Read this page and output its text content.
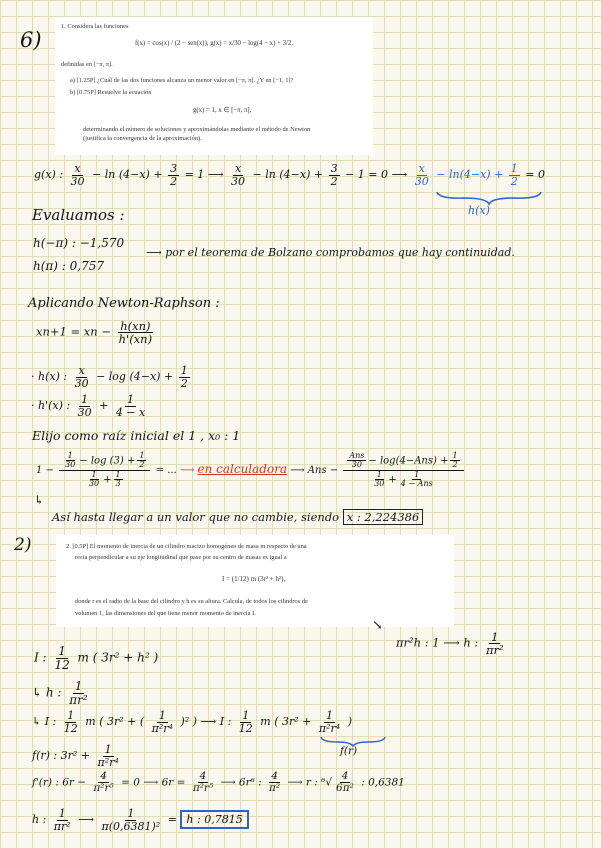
6)
1. Considera las funciones
f(x) = cos(x) / (2 − sen(x)), g(x) = x/30 − log(4 − x) + 3/2,
definidas en [−π, π].
a) [1.25P] ¿Cuál de las dos funciones alcanza un menor valor en [−π, π]. ¿Y en [−1, 1]?
b) [0.75P] Resuelve la ecuación
g(x) = 1, x ∈ [−π, π],
determinando el número de soluciones y aproximándolas mediante el método de Newton
(justifica la convergencia de la aproximación).
g(x) : $\frac{x}{30} - \ln (4-x) + \frac{3}{2} = 1$ ⟶ $\frac{x}{30} - \ln (4-x) + \frac{3}{2} - 1 = 0$ ⟶ $\frac{x}{30} - \ln(4-x) + \frac{1}{2} = 0$
h(x)
Evaluamos :
h(−π) : −1,570
h(π) : 0,757
⟶ por el teorema de Bolzano comprobamos que hay continuidad.
Aplicando Newton-Raphson :
xn+1 = xn − $\frac{h(xn)}{h'(xn)}$
· h(x) : $\frac{x}{30} - \log (4-x) + \frac{1}{2}$
· h'(x) : $\frac{1}{30} + \frac{1}{4 - x}$
Elijo como raíz inicial el 1 , x₀ : 1
$1 - \frac{\frac{1}{30} - \log (3) + \frac{1}{2}}{\frac{1}{30} + \frac{1}{3}}$ = ... ⟶ en calculadora ⟶ Ans − $\frac{\frac{\text{Ans}}{30} - \log(4-Ans) + \frac{1}{2}}{\frac{1}{30} + \frac{1}{\text{4 − Ans}}}$
↳
Así hasta llegar a un valor que no cambie, siendo x : 2,224386
2)	2. [0.5P] El momento de inercia de un cilindro macizo homogéneo de masa m respecto de una
recta perpendicular a su eje longitudinal que pase por su centro de masas es igual a
I = (1/12) m (3r² + h²),
donde r es el radio de la base del cilindro y h es su altura. Calcula, de todos los cilindros de
volumen 1, las dimensiones del que tiene menor momento de inercia I.
↘
πr²h : 1 ⟶ h : $\frac{1}{\text{πr²}}$
I : $\frac{1}{12}$ m ( 3r² + h² )
↳ h : $\frac{1}{\text{πr²}}$
↳ I : $\frac{1}{12}$ m ( 3r² + ( $\frac{1}{\text{π²r⁴}} )^2$ ) ⟶ I : $\frac{1}{12}$ m ( $3r^2 + \frac{1}{\text{π²r⁴}}$ )
f(r)
f(r) : $3r^2 + \frac{1}{\text{π²r⁴}}$
f'(r) : $6r - \frac{4}{\text{π²r⁵}} = 0$ ⟶ $6r = \frac{4}{\text{π²r⁵}}$ ⟶ 6r⁶ : $\frac{4}{\text{π²}}$ ⟶ r : $^6√ \frac{4}{\text{6π²}}$ : 0,6381
h : $\frac{1}{\text{πr²}}$ ⟶ $\frac{1}{\text{π(0,6381)²}} = h$ : 0,7815
